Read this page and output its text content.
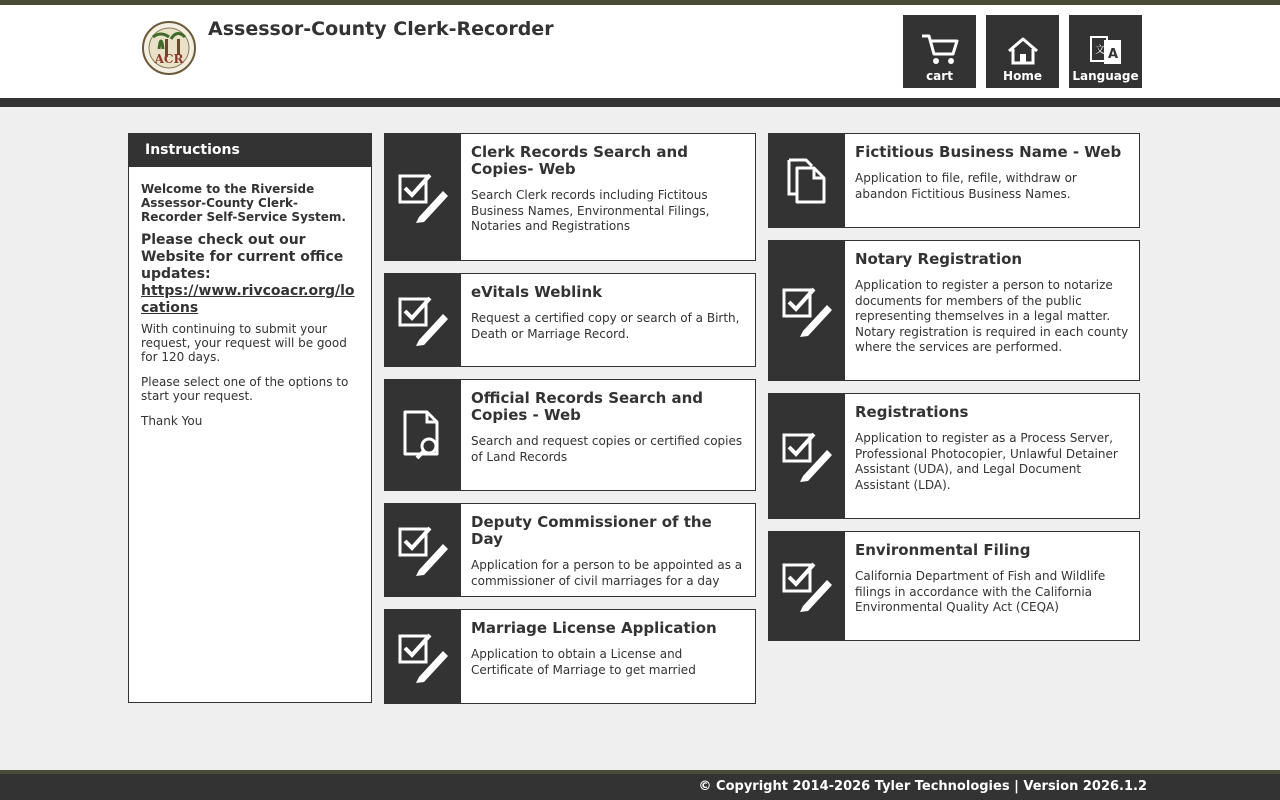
ACR
Assessor-County Clerk-Recorder
cart	Home
文 A
Language
Instructions
Welcome to the Riverside Assessor-County Clerk-Recorder Self-Service System.
Please check out our Website for current office updates:
https://www.rivcoacr.org/locations

With continuing to submit your request, your request will be good for 120 days.

Please select one of the options to start your request.

Thank You

Clerk Records Search and Copies- Web
Search Clerk records including Fictitous Business Names, Environmental Filings, Notaries and Registrations
eVitals Weblink
Request a certified copy or search of a Birth, Death or Marriage Record.
Official Records Search and Copies - Web
Search and request copies or certified copies of Land Records
Deputy Commissioner of the Day
Application for a person to be appointed as a commissioner of civil marriages for a day
Marriage License Application
Application to obtain a License and Certificate of Marriage to get married
Fictitious Business Name - Web
Application to file, refile, withdraw or abandon Fictitious Business Names.
Notary Registration
Application to register a person to notarize documents for members of the public representing themselves in a legal matter. Notary registration is required in each county where the services are performed.
Registrations
Application to register as a Process Server, Professional Photocopier, Unlawful Detainer Assistant (UDA), and Legal Document Assistant (LDA).
Environmental Filing
California Department of Fish and Wildlife filings in accordance with the California Environmental Quality Act (CEQA)
© Copyright 2014-2026 Tyler Technologies | Version 2026.1.2
